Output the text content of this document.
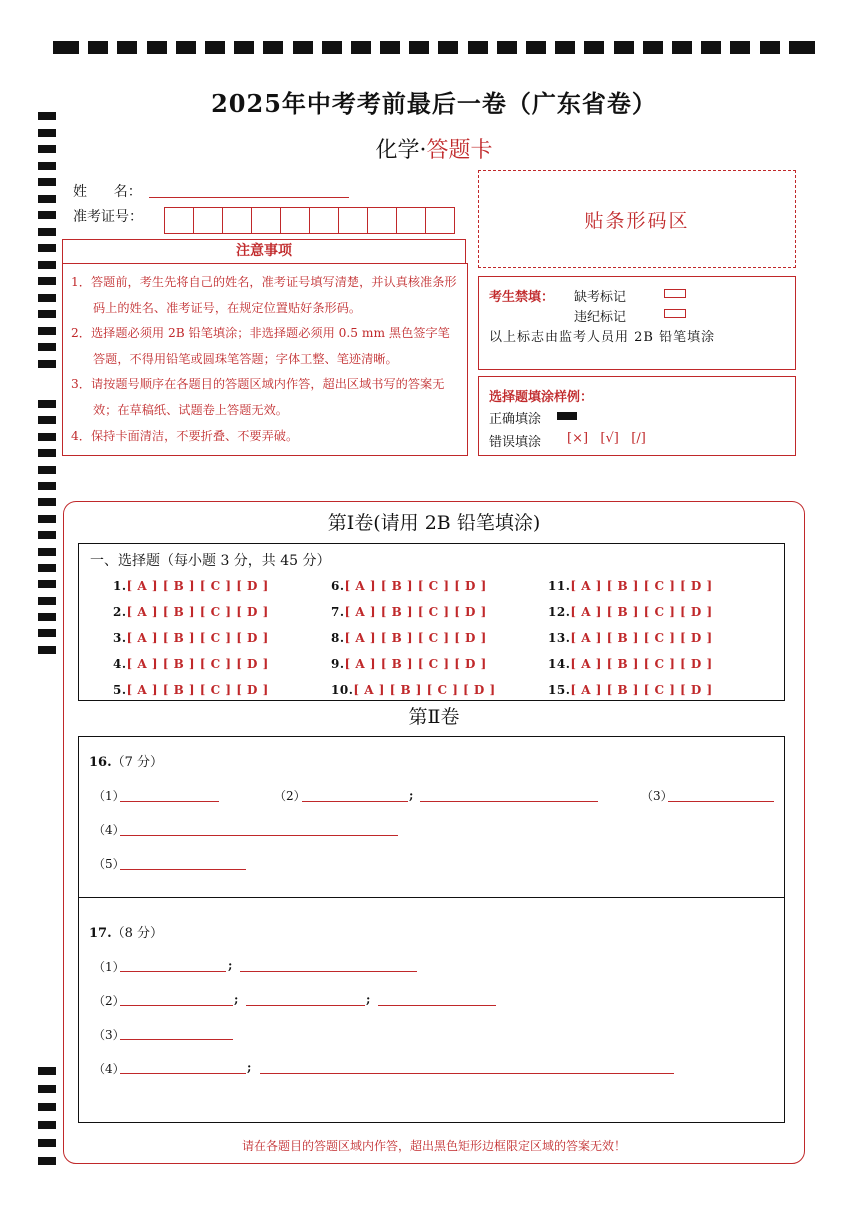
2025年中考考前最后一卷（广东省卷）
化学·答题卡
姓      名：
准考证号：	贴条形码区
注意事项
1．答题前，考生先将自己的姓名，准考证号填写清楚，并认真核准条形码上的姓名、准考证号，在规定位置贴好条形码。
2．选择题必须用 2B 铅笔填涂；非选择题必须用 0.5 mm 黑色签字笔答题，不得用铅笔或圆珠笔答题；字体工整、笔迹清晰。
3．请按题号顺序在各题目的答题区域内作答，超出区域书写的答案无效；在草稿纸、试题卷上答题无效。
4．保持卡面清洁，不要折叠、不要弄破。
考生禁填： 缺考标记
违纪标记
以上标志由监考人员用 2B 铅笔填涂
选择题填涂样例：
正确填涂
错误填涂 [×]   [√]   [/]
第Ⅰ卷(请用 2B 铅笔填涂)
一、选择题（每小题 3 分，共 45 分）
1.[ A ] [ B ] [ C ] [ D ]
2.[ A ] [ B ] [ C ] [ D ]
3.[ A ] [ B ] [ C ] [ D ]
4.[ A ] [ B ] [ C ] [ D ]
5.[ A ] [ B ] [ C ] [ D ]
6.[ A ] [ B ] [ C ] [ D ]
7.[ A ] [ B ] [ C ] [ D ]
8.[ A ] [ B ] [ C ] [ D ]
9.[ A ] [ B ] [ C ] [ D ]
10.[ A ] [ B ] [ C ] [ D ]
11.[ A ] [ B ] [ C ] [ D ]
12.[ A ] [ B ] [ C ] [ D ]
13.[ A ] [ B ] [ C ] [ D ]
14.[ A ] [ B ] [ C ] [ D ]
15.[ A ] [ B ] [ C ] [ D ]
第Ⅱ卷
16.（7 分）
（1）	（2）	;	（3）
（4）
（5）
17.（8 分）
（1）	;
（2）	;	;
（3）
（4）	;
请在各题目的答题区域内作答，超出黑色矩形边框限定区域的答案无效！
